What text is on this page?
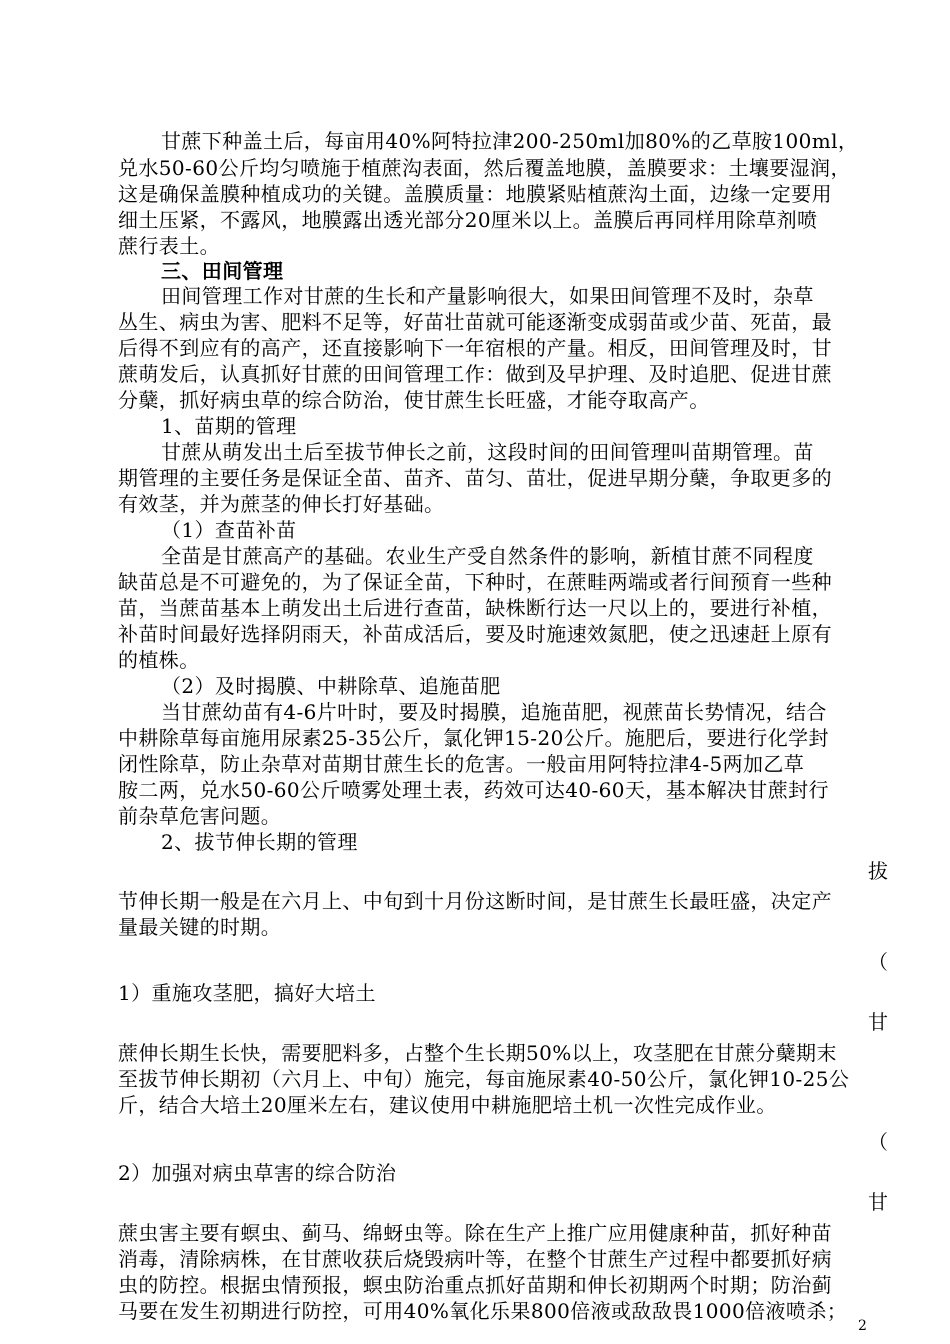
甘蔗下种盖土后，每亩用40%阿特拉津200-250ml加80%的乙草胺100ml，
兑水50-60公斤均匀喷施于植蔗沟表面，然后覆盖地膜，盖膜要求：土壤要湿润，
这是确保盖膜种植成功的关键。盖膜质量：地膜紧贴植蔗沟土面，边缘一定要用
细土压紧，不露风，地膜露出透光部分20厘米以上。盖膜后再同样用除草剂喷
蔗行表土。
三、田间管理
田间管理工作对甘蔗的生长和产量影响很大，如果田间管理不及时，杂草
丛生、病虫为害、肥料不足等，好苗壮苗就可能逐渐变成弱苗或少苗、死苗，最
后得不到应有的高产，还直接影响下一年宿根的产量。相反，田间管理及时，甘
蔗萌发后，认真抓好甘蔗的田间管理工作：做到及早护理、及时追肥、促进甘蔗
分蘖，抓好病虫草的综合防治，使甘蔗生长旺盛，才能夺取高产。
1、苗期的管理
甘蔗从萌发出土后至拔节伸长之前，这段时间的田间管理叫苗期管理。苗
期管理的主要任务是保证全苗、苗齐、苗匀、苗壮，促进早期分蘖，争取更多的
有效茎，并为蔗茎的伸长打好基础。
（1）查苗补苗
全苗是甘蔗高产的基础。农业生产受自然条件的影响，新植甘蔗不同程度
缺苗总是不可避免的，为了保证全苗，下种时，在蔗畦两端或者行间预育一些种
苗，当蔗苗基本上萌发出土后进行查苗，缺株断行达一尺以上的，要进行补植，
补苗时间最好选择阴雨天，补苗成活后，要及时施速效氮肥，使之迅速赶上原有
的植株。
（2）及时揭膜、中耕除草、追施苗肥
当甘蔗幼苗有4-6片叶时，要及时揭膜，追施苗肥，视蔗苗长势情况，结合
中耕除草每亩施用尿素25-35公斤，氯化钾15-20公斤。施肥后，要进行化学封
闭性除草，防止杂草对苗期甘蔗生长的危害。一般亩用阿特拉津4-5两加乙草
胺二两，兑水50-60公斤喷雾处理土表，药效可达40-60天，基本解决甘蔗封行
前杂草危害问题。
2、拔节伸长期的管理
拔
节伸长期一般是在六月上、中旬到十月份这断时间，是甘蔗生长最旺盛，决定产
量最关键的时期。
（
1）重施攻茎肥，搞好大培土
甘
蔗伸长期生长快，需要肥料多，占整个生长期50%以上，攻茎肥在甘蔗分蘖期末
至拔节伸长期初（六月上、中旬）施完，每亩施尿素40-50公斤，氯化钾10-25公
斤，结合大培土20厘米左右，建议使用中耕施肥培土机一次性完成作业。
（
2）加强对病虫草害的综合防治
甘
蔗虫害主要有螟虫、蓟马、绵蚜虫等。除在生产上推广应用健康种苗，抓好种苗
消毒，清除病株，在甘蔗收获后烧毁病叶等，在整个甘蔗生产过程中都要抓好病
虫的防控。根据虫情预报，螟虫防治重点抓好苗期和伸长初期两个时期；防治蓟
马要在发生初期进行防控，可用40%氧化乐果800倍液或敌敌畏1000倍液喷杀；
2
